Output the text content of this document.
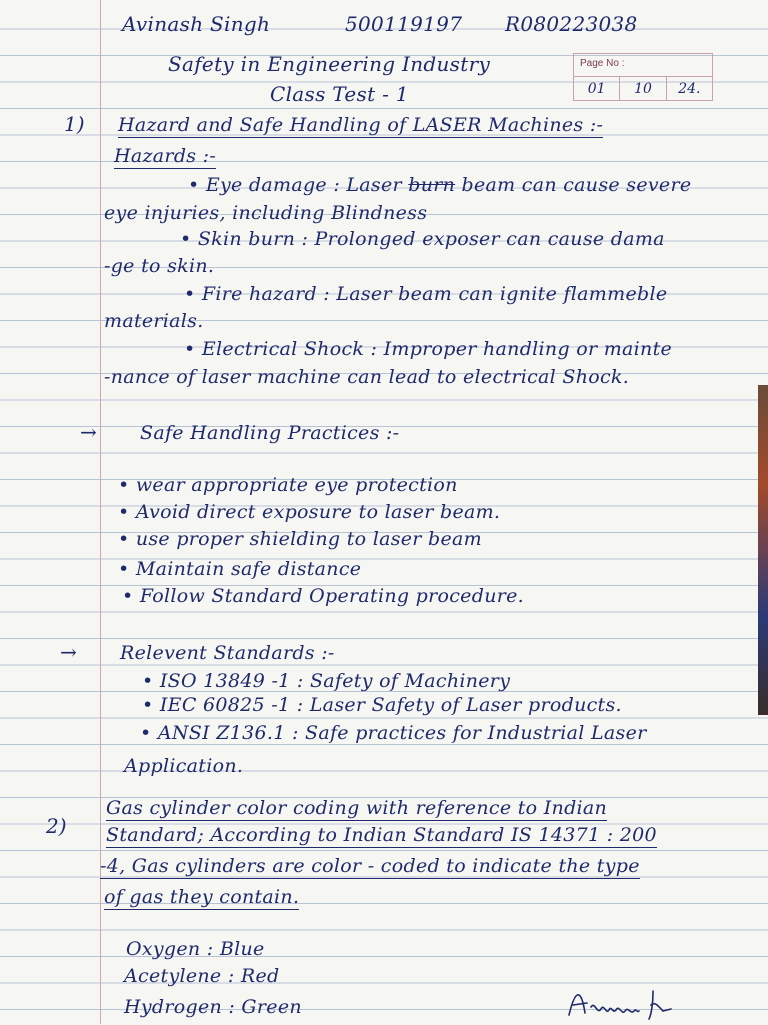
Avinash Singh	500119197 R080223038
Safety in Engineering Industry
Class Test - 1
Page No :
01	10	24.
1) Hazard and Safe Handling of LASER Machines :-
Hazards :-
• Eye damage : Laser burn beam can cause severe
eye injuries, including Blindness
• Skin burn : Prolonged exposer can cause dama
-ge to skin.
• Fire hazard : Laser beam can ignite flammeble
materials.
• Electrical Shock : Improper handling or mainte
-nance of laser machine can lead to electrical Shock.
→ Safe Handling Practices :-
• wear appropriate eye protection
• Avoid direct exposure to laser beam.
• use proper shielding to laser beam
• Maintain safe distance
• Follow Standard Operating procedure.
→ Relevent Standards :-
• ISO 13849 -1 : Safety of Machinery
• IEC 60825 -1 : Laser Safety of Laser products.
• ANSI Z136.1 : Safe practices for Industrial Laser
Application.
2)
Gas cylinder color coding with reference to Indian
Standard; According to Indian Standard IS 14371 : 200
-4, Gas cylinders are color - coded to indicate the type
of gas they contain.
Oxygen : Blue
Acetylene : Red
Hydrogen : Green
